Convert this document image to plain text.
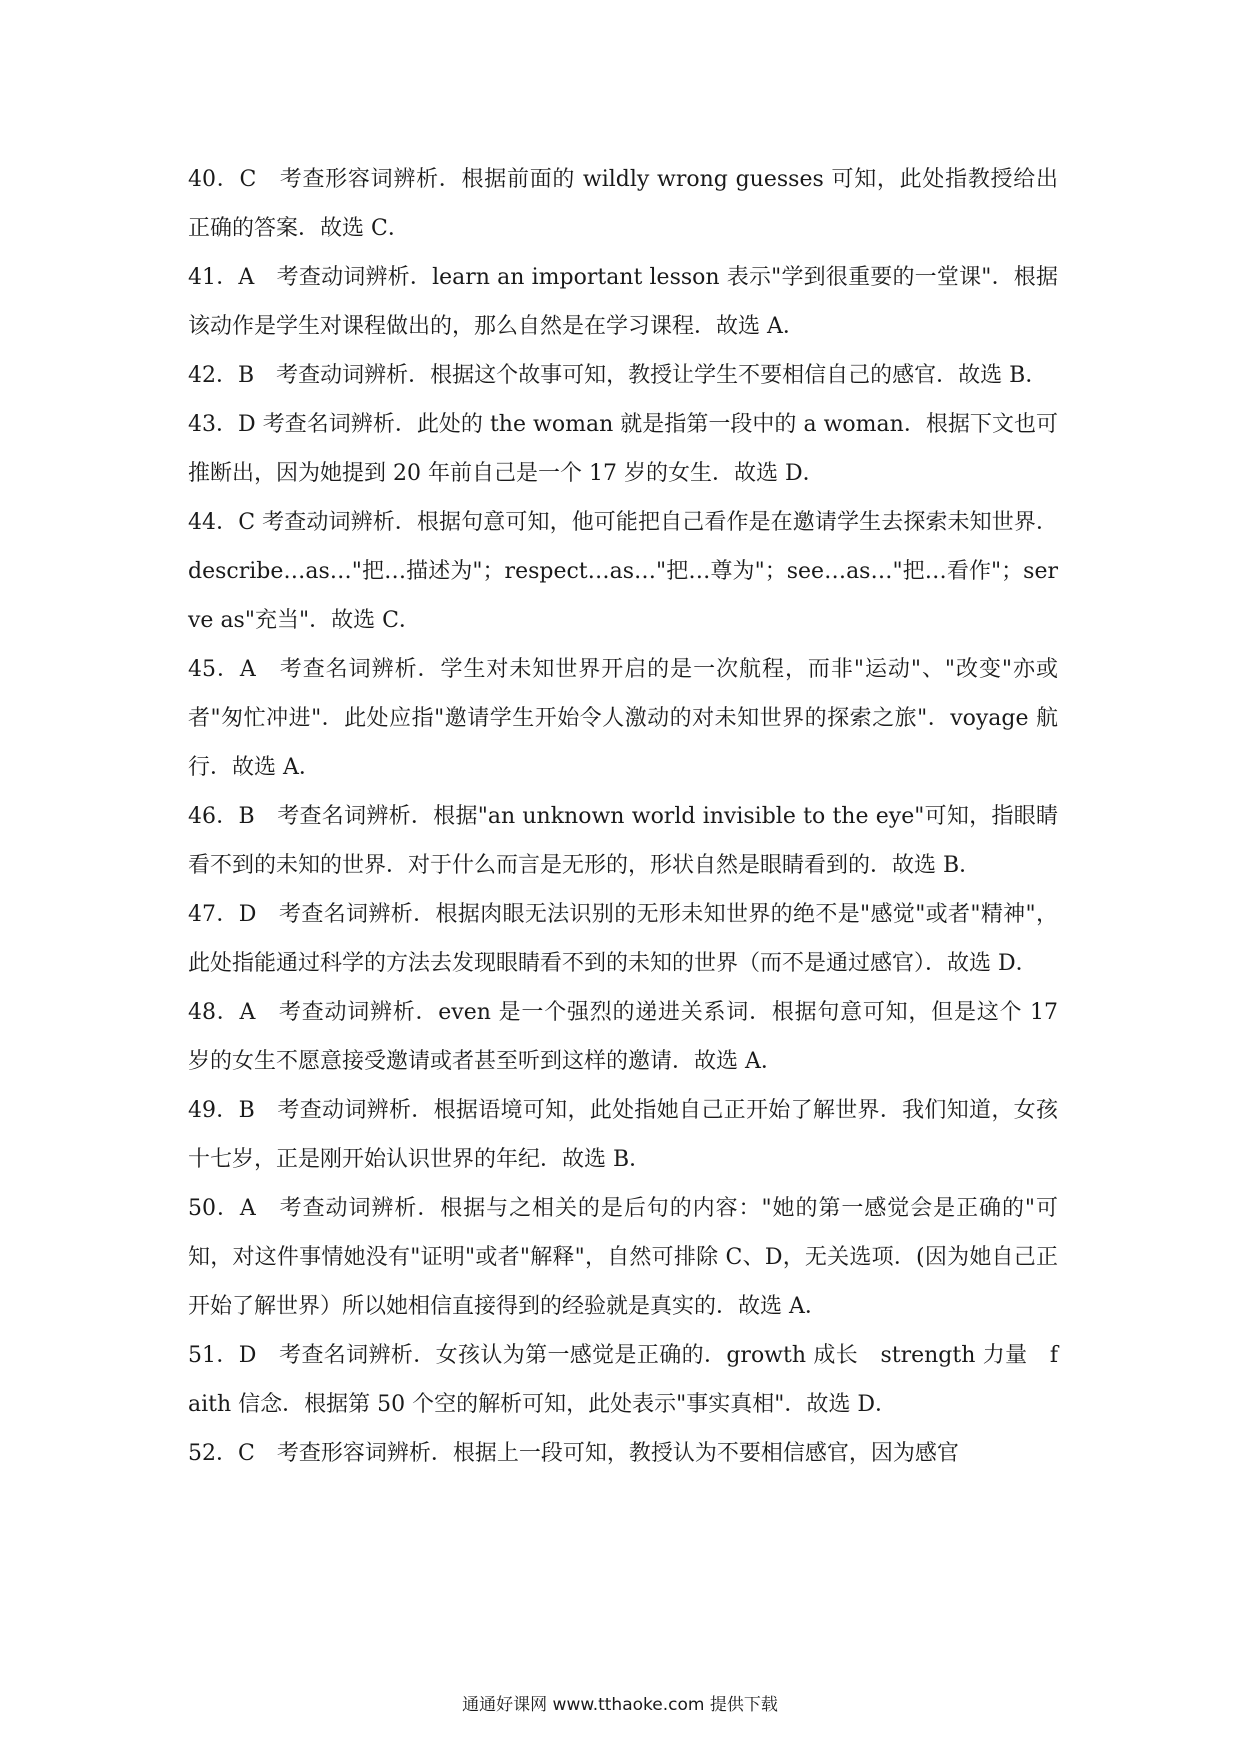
40．C　考查形容词辨析．根据前面的 wildly wrong guesses 可知，此处指教授给出正确的答案．故选 C．

41．A　考查动词辨析．learn an important lesson 表示"学到很重要的一堂课"．根据该动作是学生对课程做出的，那么自然是在学习课程．故选 A．

42．B　考查动词辨析．根据这个故事可知，教授让学生不要相信自己的感官．故选 B．

43．D 考查名词辨析．此处的 the woman 就是指第一段中的 a woman．根据下文也可推断出，因为她提到 20 年前自己是一个 17 岁的女生．故选 D．

44．C 考查动词辨析．根据句意可知，他可能把自己看作是在邀请学生去探索未知世界．describe…as…"把…描述为"；respect…as…"把…尊为"；see…as…"把…看作"；serve as"充当"．故选 C．

45．A　考查名词辨析．学生对未知世界开启的是一次航程，而非"运动"、"改变"亦或者"匆忙冲进"．此处应指"邀请学生开始令人激动的对未知世界的探索之旅"．voyage 航行．故选 A．

46．B　考查名词辨析．根据"an unknown world invisible to the eye"可知，指眼睛看不到的未知的世界．对于什么而言是无形的，形状自然是眼睛看到的．故选 B．

47．D　考查名词辨析．根据肉眼无法识别的无形未知世界的绝不是"感觉"或者"精神"，此处指能通过科学的方法去发现眼睛看不到的未知的世界（而不是通过感官）．故选 D．

48．A　考查动词辨析．even 是一个强烈的递进关系词．根据句意可知，但是这个 17 岁的女生不愿意接受邀请或者甚至听到这样的邀请．故选 A．

49．B　考查动词辨析．根据语境可知，此处指她自己正开始了解世界．我们知道，女孩十七岁，正是刚开始认识世界的年纪．故选 B．

50．A　考查动词辨析．根据与之相关的是后句的内容："她的第一感觉会是正确的"可知，对这件事情她没有"证明"或者"解释"，自然可排除 C、D，无关选项．(因为她自己正开始了解世界）所以她相信直接得到的经验就是真实的．故选 A．

51．D　考查名词辨析．女孩认为第一感觉是正确的．growth 成长　strength 力量　faith 信念．根据第 50 个空的解析可知，此处表示"事实真相"．故选 D．

52．C　考查形容词辨析．根据上一段可知，教授认为不要相信感官，因为感官

通通好课网 www.tthaoke.com 提供下载
